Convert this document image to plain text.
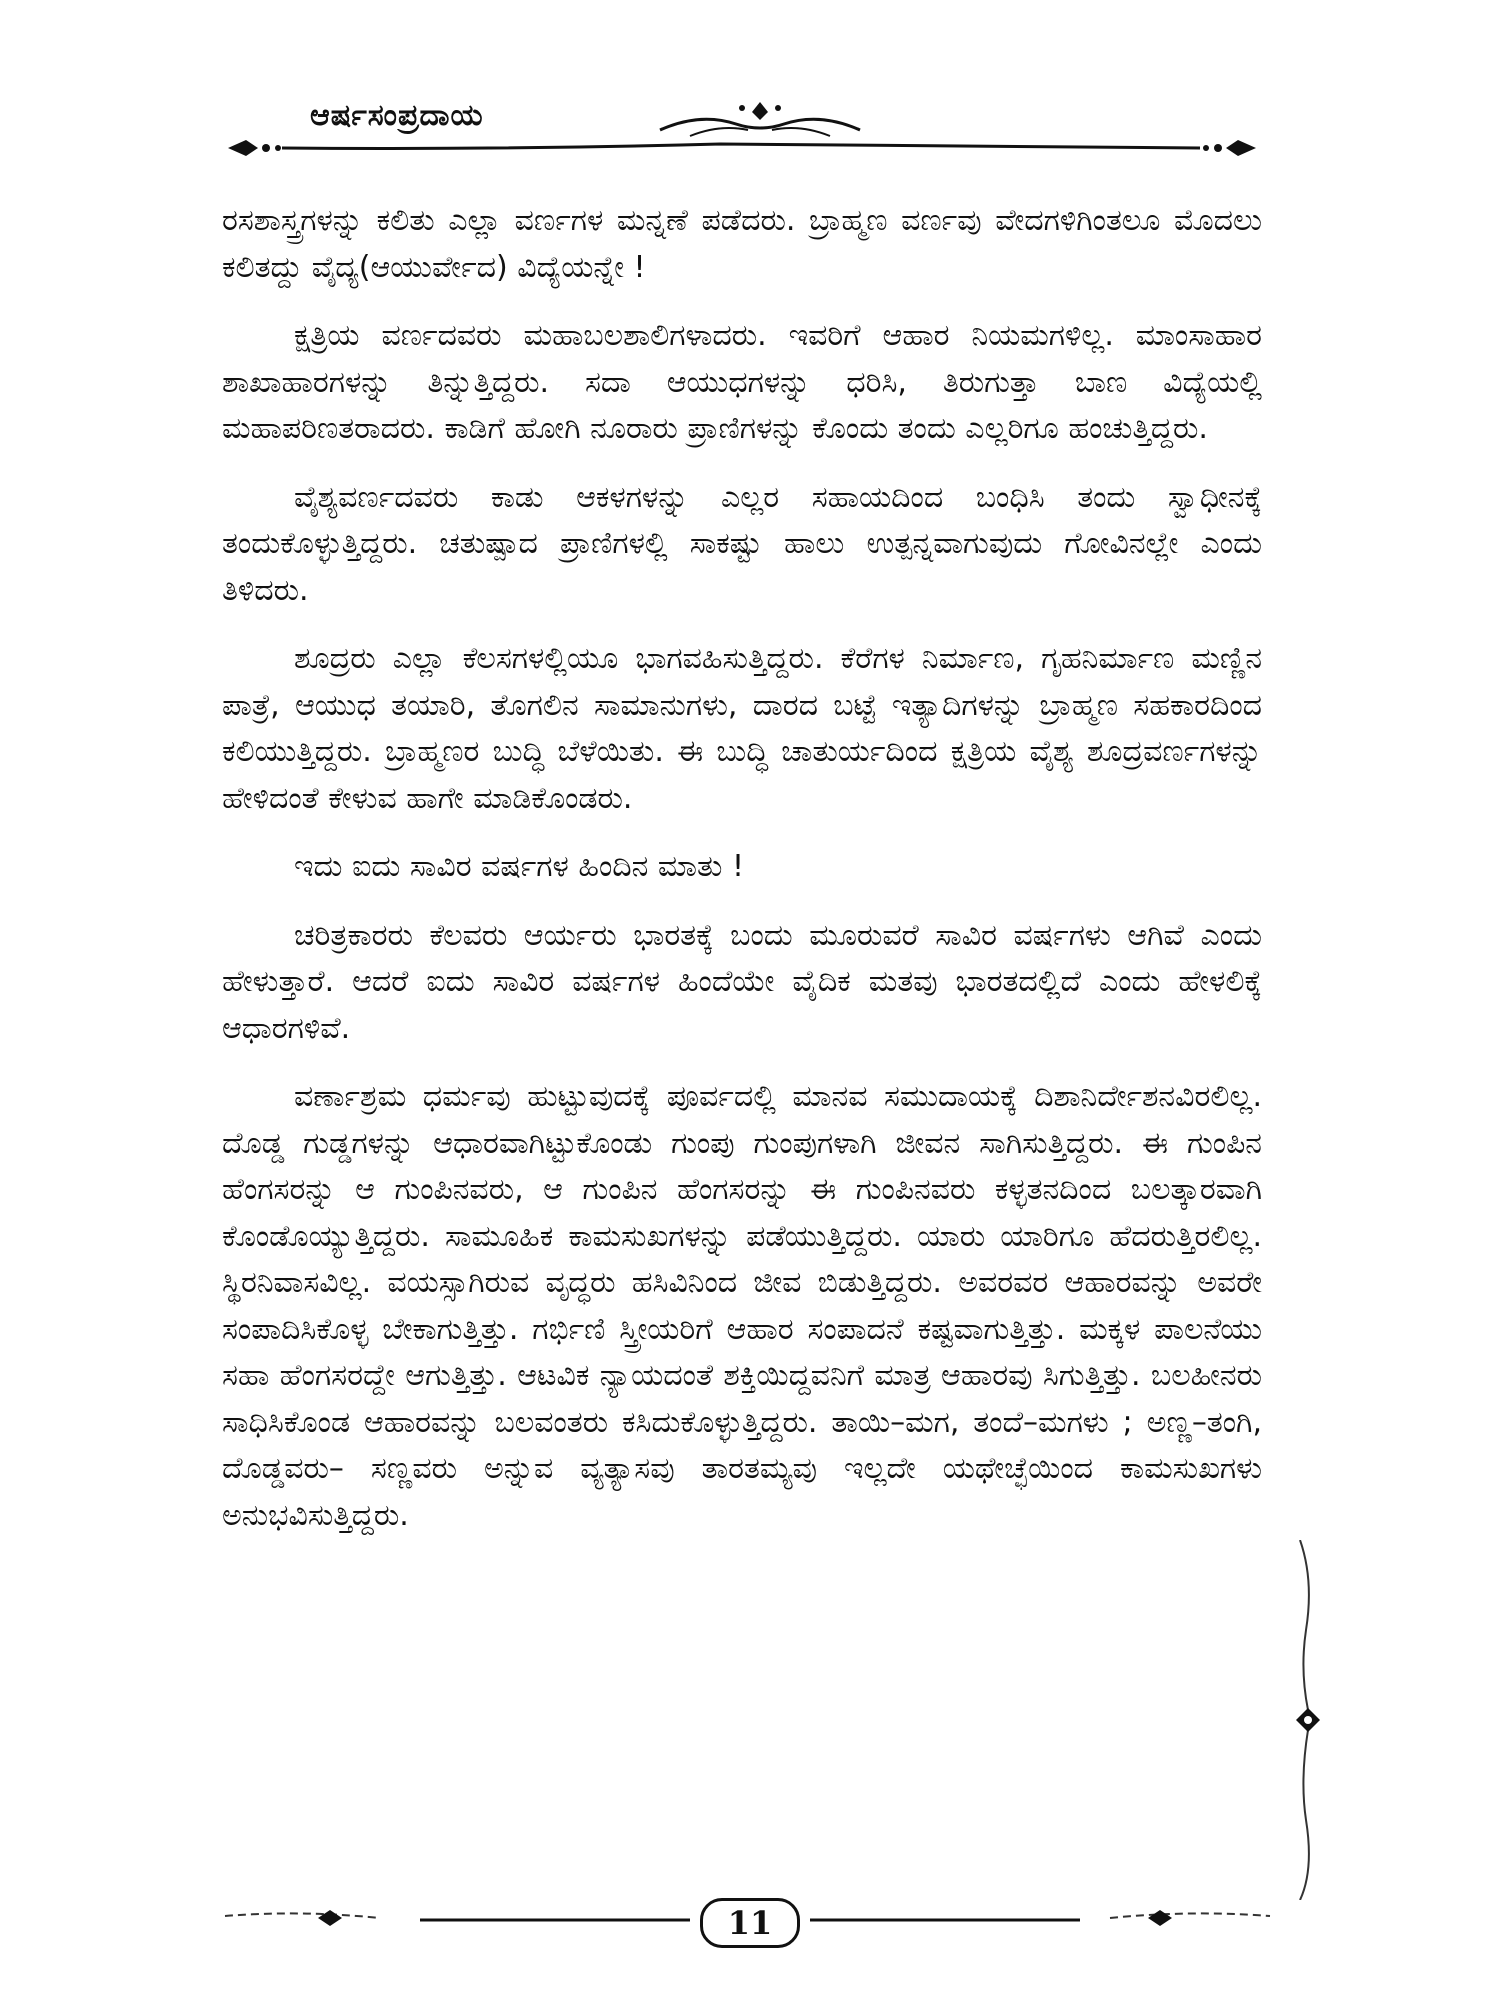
ಆರ್ಷಸಂಪ್ರದಾಯ

ರಸಶಾಸ್ತ್ರಗಳನ್ನು ಕಲಿತು ಎಲ್ಲಾ ವರ್ಣಗಳ ಮನ್ನಣೆ ಪಡೆದರು. ಬ್ರಾಹ್ಮಣ ವರ್ಣವು ವೇದಗಳಿಗಿಂತಲೂ ಮೊದಲು ಕಲಿತದ್ದು ವೈದ್ಯ(ಆಯುರ್ವೇದ) ವಿದ್ಯೆಯನ್ನೇ !

ಕ್ಷತ್ರಿಯ ವರ್ಣದವರು ಮಹಾಬಲಶಾಲಿಗಳಾದರು. ಇವರಿಗೆ ಆಹಾರ ನಿಯಮಗಳಿಲ್ಲ. ಮಾಂಸಾಹಾರ ಶಾಖಾಹಾರಗಳನ್ನು ತಿನ್ನುತ್ತಿದ್ದರು. ಸದಾ ಆಯುಧಗಳನ್ನು ಧರಿಸಿ, ತಿರುಗುತ್ತಾ ಬಾಣ ವಿದ್ಯೆಯಲ್ಲಿ ಮಹಾಪರಿಣತರಾದರು. ಕಾಡಿಗೆ ಹೋಗಿ ನೂರಾರು ಪ್ರಾಣಿಗಳನ್ನು ಕೊಂದು ತಂದು ಎಲ್ಲರಿಗೂ ಹಂಚುತ್ತಿದ್ದರು.

ವೈಶ್ಯವರ್ಣದವರು ಕಾಡು ಆಕಳಗಳನ್ನು ಎಲ್ಲರ ಸಹಾಯದಿಂದ ಬಂಧಿಸಿ ತಂದು ಸ್ವಾಧೀನಕ್ಕೆ ತಂದುಕೊಳ್ಳುತ್ತಿದ್ದರು. ಚತುಷ್ಪಾದ ಪ್ರಾಣಿಗಳಲ್ಲಿ ಸಾಕಷ್ಟು ಹಾಲು ಉತ್ಪನ್ನವಾಗುವುದು ಗೋವಿನಲ್ಲೇ ಎಂದು ತಿಳಿದರು.

ಶೂದ್ರರು ಎಲ್ಲಾ ಕೆಲಸಗಳಲ್ಲಿಯೂ ಭಾಗವಹಿಸುತ್ತಿದ್ದರು. ಕೆರೆಗಳ ನಿರ್ಮಾಣ, ಗೃಹನಿರ್ಮಾಣ ಮಣ್ಣಿನ ಪಾತ್ರೆ, ಆಯುಧ ತಯಾರಿ, ತೊಗಲಿನ ಸಾಮಾನುಗಳು, ದಾರದ ಬಟ್ಟೆ ಇತ್ಯಾದಿಗಳನ್ನು ಬ್ರಾಹ್ಮಣ ಸಹಕಾರದಿಂದ ಕಲಿಯುತ್ತಿದ್ದರು. ಬ್ರಾಹ್ಮಣರ ಬುದ್ಧಿ ಬೆಳೆಯಿತು. ಈ ಬುದ್ಧಿ ಚಾತುರ್ಯದಿಂದ ಕ್ಷತ್ರಿಯ ವೈಶ್ಯ ಶೂದ್ರವರ್ಣಗಳನ್ನು ಹೇಳಿದಂತೆ ಕೇಳುವ ಹಾಗೇ ಮಾಡಿಕೊಂಡರು.

ಇದು ಐದು ಸಾವಿರ ವರ್ಷಗಳ ಹಿಂದಿನ ಮಾತು !

ಚರಿತ್ರಕಾರರು ಕೆಲವರು ಆರ್ಯರು ಭಾರತಕ್ಕೆ ಬಂದು ಮೂರುವರೆ ಸಾವಿರ ವರ್ಷಗಳು ಆಗಿವೆ ಎಂದು ಹೇಳುತ್ತಾರೆ. ಆದರೆ ಐದು ಸಾವಿರ ವರ್ಷಗಳ ಹಿಂದೆಯೇ ವೈದಿಕ ಮತವು ಭಾರತದಲ್ಲಿದೆ ಎಂದು ಹೇಳಲಿಕ್ಕೆ ಆಧಾರಗಳಿವೆ.

ವರ್ಣಾಶ್ರಮ ಧರ್ಮವು ಹುಟ್ಟುವುದಕ್ಕೆ ಪೂರ್ವದಲ್ಲಿ ಮಾನವ ಸಮುದಾಯಕ್ಕೆ ದಿಶಾನಿರ್ದೇಶನವಿರಲಿಲ್ಲ. ದೊಡ್ಡ ಗುಡ್ಡಗಳನ್ನು ಆಧಾರವಾಗಿಟ್ಟುಕೊಂಡು ಗುಂಪು ಗುಂಪುಗಳಾಗಿ ಜೀವನ ಸಾಗಿಸುತ್ತಿದ್ದರು. ಈ ಗುಂಪಿನ ಹೆಂಗಸರನ್ನು ಆ ಗುಂಪಿನವರು, ಆ ಗುಂಪಿನ ಹೆಂಗಸರನ್ನು ಈ ಗುಂಪಿನವರು ಕಳ್ಳತನದಿಂದ ಬಲತ್ಕಾರವಾಗಿ ಕೊಂಡೊಯ್ಯುತ್ತಿದ್ದರು. ಸಾಮೂಹಿಕ ಕಾಮಸುಖಗಳನ್ನು ಪಡೆಯುತ್ತಿದ್ದರು. ಯಾರು ಯಾರಿಗೂ ಹೆದರುತ್ತಿರಲಿಲ್ಲ. ಸ್ಥಿರನಿವಾಸವಿಲ್ಲ. ವಯಸ್ಸಾಗಿರುವ ವೃದ್ಧರು ಹಸಿವಿನಿಂದ ಜೀವ ಬಿಡುತ್ತಿದ್ದರು. ಅವರವರ ಆಹಾರವನ್ನು ಅವರೇ ಸಂಪಾದಿಸಿಕೊಳ್ಳ ಬೇಕಾಗುತ್ತಿತ್ತು. ಗರ್ಭಿಣಿ ಸ್ತ್ರೀಯರಿಗೆ ಆಹಾರ ಸಂಪಾದನೆ ಕಷ್ಟವಾಗುತ್ತಿತ್ತು. ಮಕ್ಕಳ ಪಾಲನೆಯು ಸಹಾ ಹೆಂಗಸರದ್ದೇ ಆಗುತ್ತಿತ್ತು. ಆಟವಿಕ ನ್ಯಾಯದಂತೆ ಶಕ್ತಿಯಿದ್ದವನಿಗೆ ಮಾತ್ರ ಆಹಾರವು ಸಿಗುತ್ತಿತ್ತು. ಬಲಹೀನರು ಸಾಧಿಸಿಕೊಂಡ ಆಹಾರವನ್ನು ಬಲವಂತರು ಕಸಿದುಕೊಳ್ಳುತ್ತಿದ್ದರು. ತಾಯಿ–ಮಗ, ತಂದೆ–ಮಗಳು ; ಅಣ್ಣ–ತಂಗಿ, ದೊಡ್ಡವರು– ಸಣ್ಣವರು ಅನ್ನುವ ವ್ಯತ್ಯಾಸವು ತಾರತಮ್ಯವು ಇಲ್ಲದೇ ಯಥೇಚ್ಛೆಯಿಂದ ಕಾಮಸುಖಗಳು ಅನುಭವಿಸುತ್ತಿದ್ದರು.

11
